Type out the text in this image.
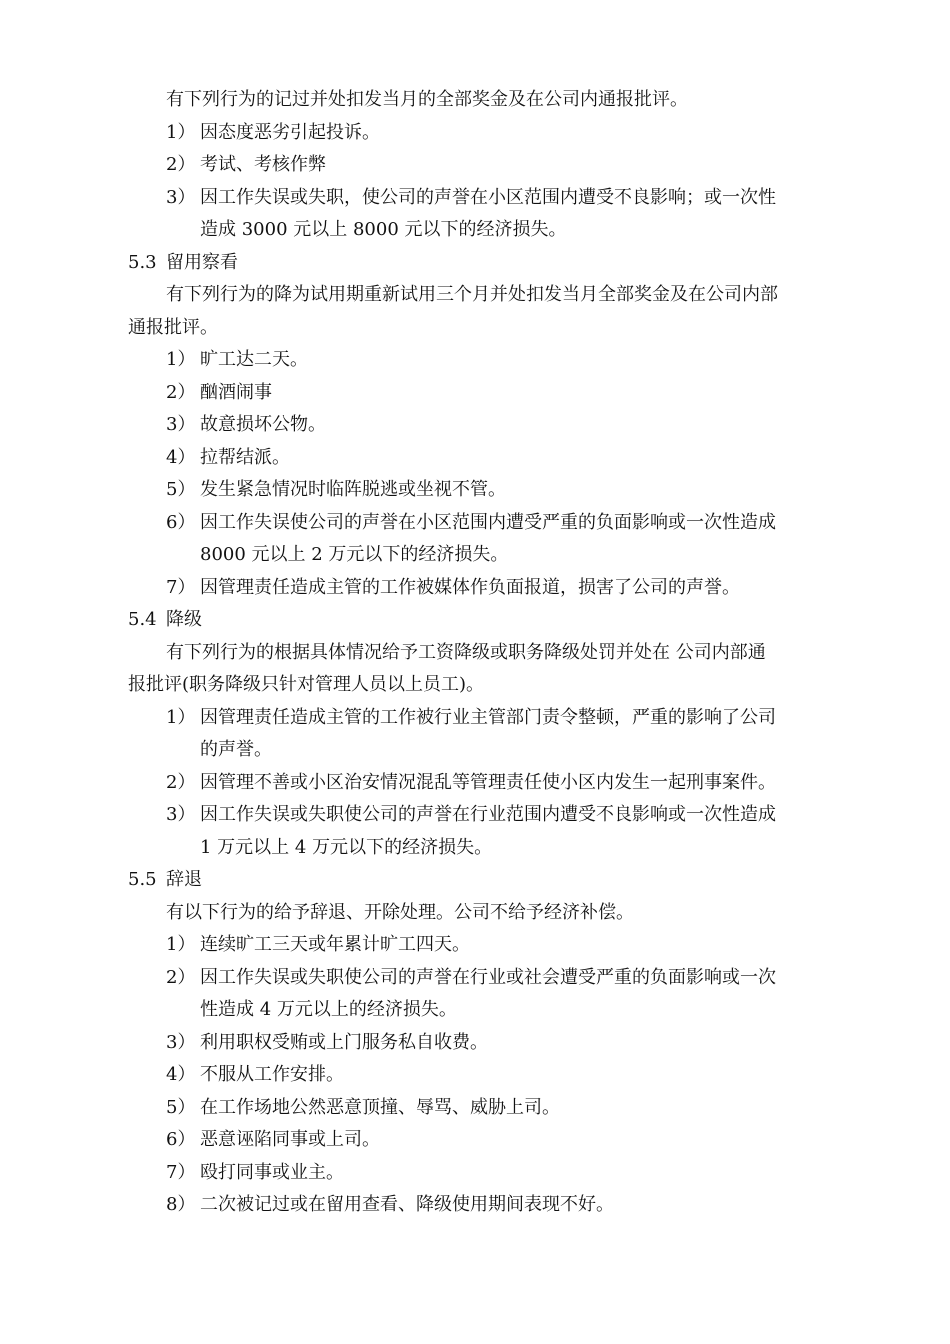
有下列行为的记过并处扣发当月的全部奖金及在公司内通报批评。
1） 因态度恶劣引起投诉。
2） 考试、考核作弊
3） 因工作失误或失职，使公司的声誉在小区范围内遭受不良影响；或一次性
造成 3000 元以上 8000 元以下的经济损失。
5.3 留用察看
有下列行为的降为试用期重新试用三个月并处扣发当月全部奖金及在公司内部
通报批评。
1） 旷工达二天。
2） 酗酒闹事
3） 故意损坏公物。
4） 拉帮结派。
5） 发生紧急情况时临阵脱逃或坐视不管。
6） 因工作失误使公司的声誉在小区范围内遭受严重的负面影响或一次性造成
8000 元以上 2 万元以下的经济损失。
7） 因管理责任造成主管的工作被媒体作负面报道，损害了公司的声誉。
5.4 降级
有下列行为的根据具体情况给予工资降级或职务降级处罚并处在 公司内部通
报批评(职务降级只针对管理人员以上员工)。
1） 因管理责任造成主管的工作被行业主管部门责令整顿，严重的影响了公司
的声誉。
2） 因管理不善或小区治安情况混乱等管理责任使小区内发生一起刑事案件。
3） 因工作失误或失职使公司的声誉在行业范围内遭受不良影响或一次性造成
1 万元以上 4 万元以下的经济损失。
5.5 辞退
有以下行为的给予辞退、开除处理。公司不给予经济补偿。
1） 连续旷工三天或年累计旷工四天。
2） 因工作失误或失职使公司的声誉在行业或社会遭受严重的负面影响或一次
性造成 4 万元以上的经济损失。
3） 利用职权受贿或上门服务私自收费。
4） 不服从工作安排。
5） 在工作场地公然恶意顶撞、辱骂、威胁上司。
6） 恶意诬陷同事或上司。
7） 殴打同事或业主。
8） 二次被记过或在留用查看、降级使用期间表现不好。
